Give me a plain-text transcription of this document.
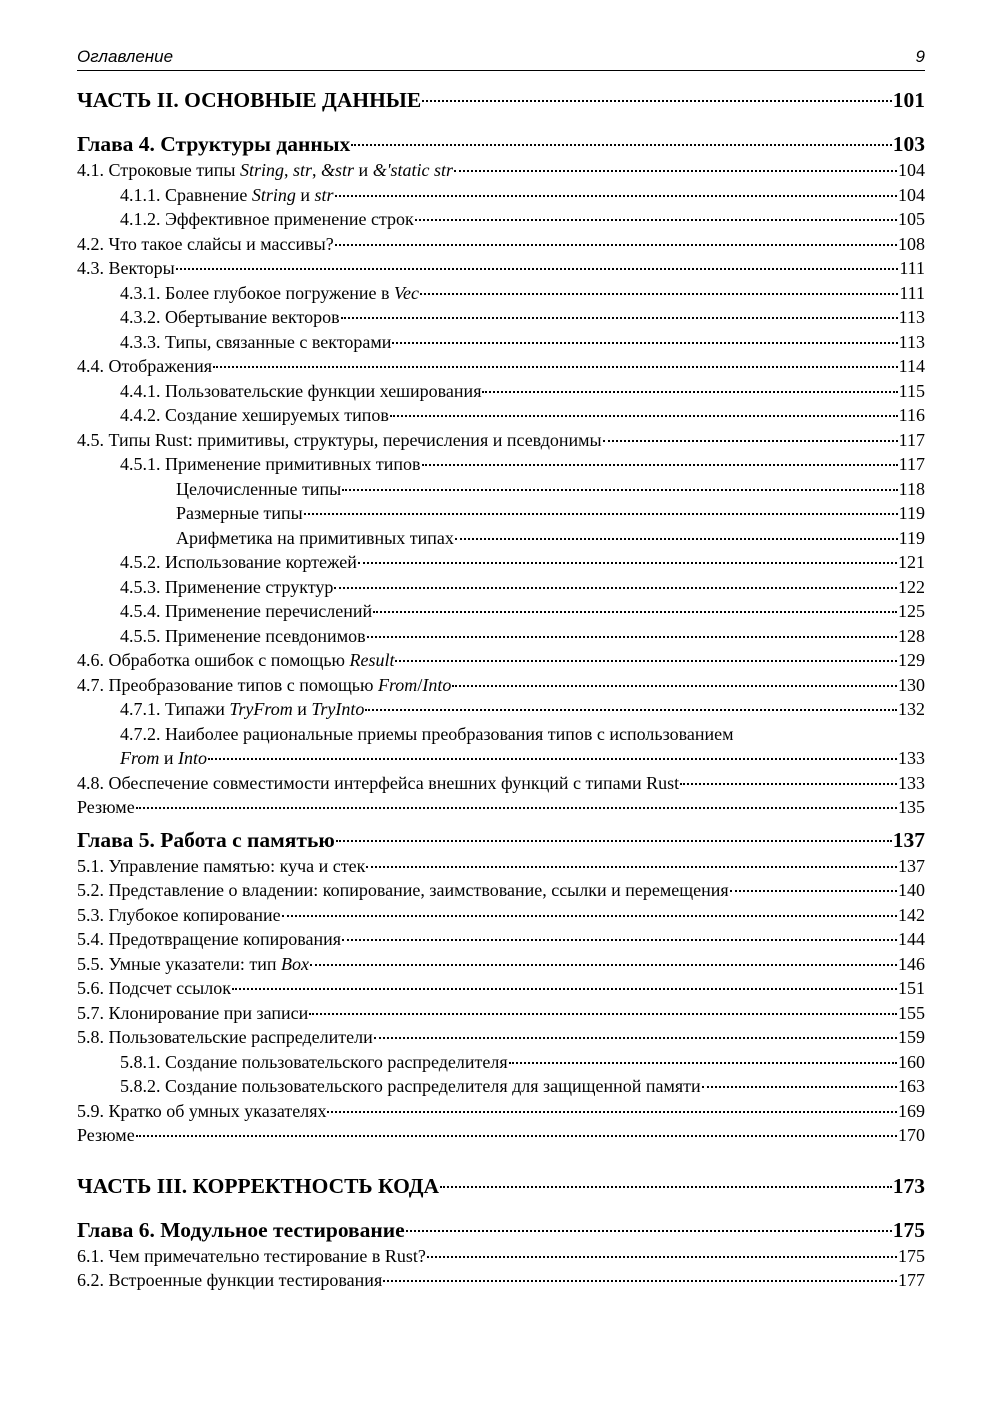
Оглавление	9
ЧАСТЬ II. ОСНОВНЫЕ ДАННЫЕ	101
Глава 4. Структуры данных	103
4.1. Строковые типы String, str, &str и &'static str	104
4.1.1. Сравнение String и str	104
4.1.2. Эффективное применение строк	105
4.2. Что такое слайсы и массивы?	108
4.3. Векторы	111
4.3.1. Более глубокое погружение в Vec	111
4.3.2. Обертывание векторов	113
4.3.3. Типы, связанные с векторами	113
4.4. Отображения	114
4.4.1. Пользовательские функции хеширования	115
4.4.2. Создание хешируемых типов	116
4.5. Типы Rust: примитивы, структуры, перечисления и псевдонимы	117
4.5.1. Применение примитивных типов	117
Целочисленные типы	118
Размерные типы	119
Арифметика на примитивных типах	119
4.5.2. Использование кортежей	121
4.5.3. Применение структур	122
4.5.4. Применение перечислений	125
4.5.5. Применение псевдонимов	128
4.6. Обработка ошибок с помощью Result	129
4.7. Преобразование типов с помощью From/Into	130
4.7.1. Типажи TryFrom и TryInto	132
4.7.2. Наиболее рациональные приемы преобразования типов с использованием
From и Into	133
4.8. Обеспечение совместимости интерфейса внешних функций с типами Rust	133
Резюме	135
Глава 5. Работа с памятью	137
5.1. Управление памятью: куча и стек	137
5.2. Представление о владении: копирование, заимствование, ссылки и перемещения	140
5.3. Глубокое копирование	142
5.4. Предотвращение копирования	144
5.5. Умные указатели: тип Box	146
5.6. Подсчет ссылок	151
5.7. Клонирование при записи	155
5.8. Пользовательские распределители	159
5.8.1. Создание пользовательского распределителя	160
5.8.2. Создание пользовательского распределителя для защищенной памяти	163
5.9. Кратко об умных указателях	169
Резюме	170
ЧАСТЬ III. КОРРЕКТНОСТЬ КОДА	173
Глава 6. Модульное тестирование	175
6.1. Чем примечательно тестирование в Rust?	175
6.2. Встроенные функции тестирования	177
